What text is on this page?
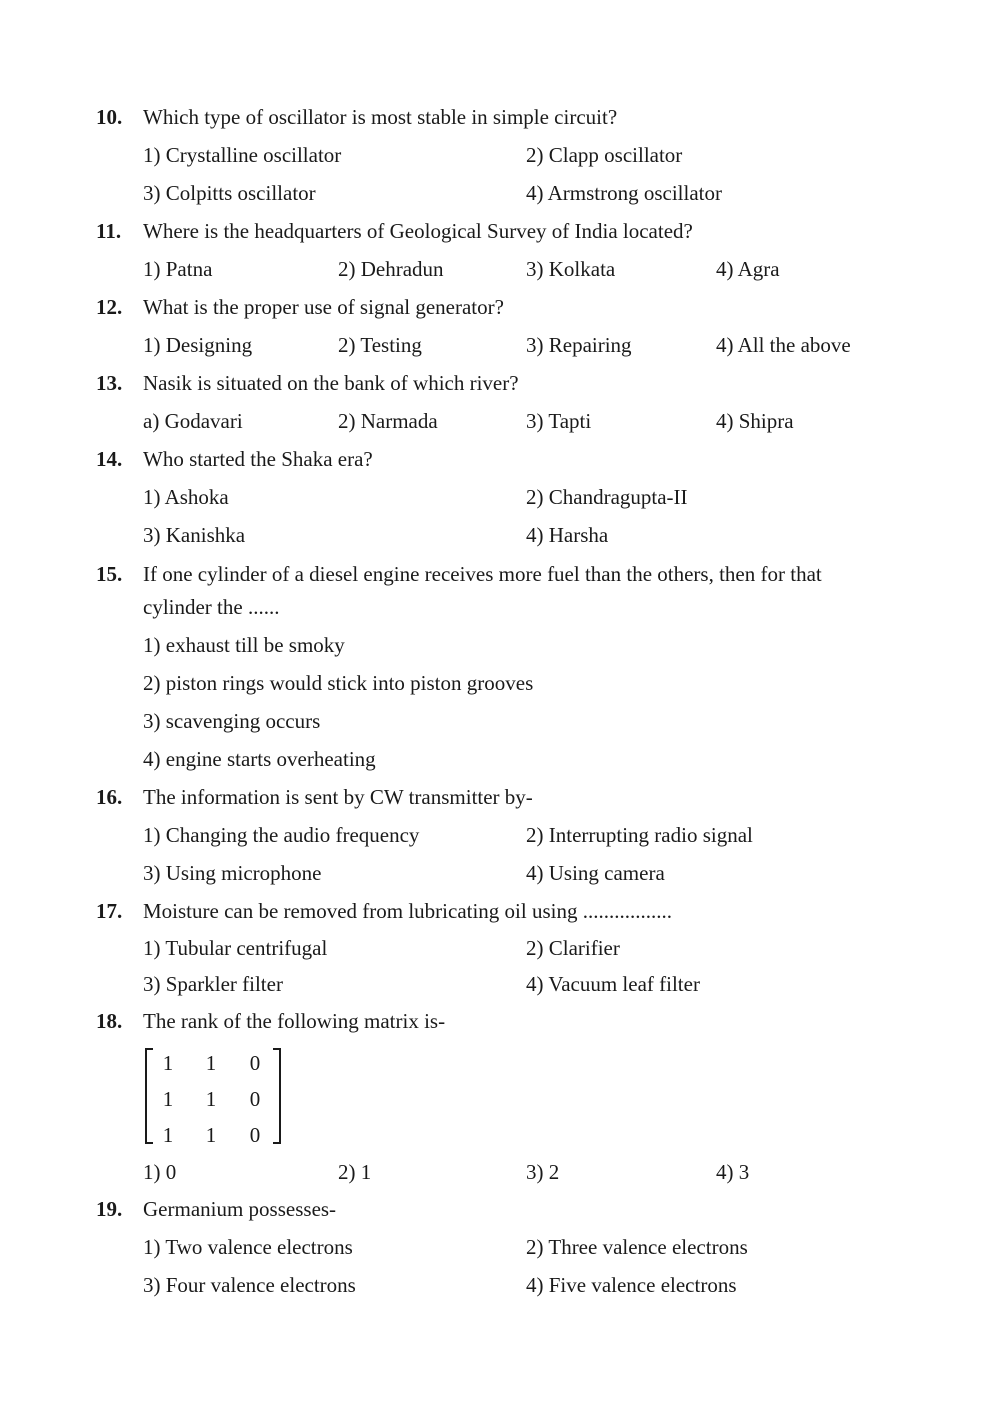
10. Which type of oscillator is most stable in simple circuit?
1) Crystalline oscillator	2) Clapp oscillator
3) Colpitts oscillator	4) Armstrong oscillator
11. Where is the headquarters of Geological Survey of India located?
1) Patna	2) Dehradun	3) Kolkata	4) Agra
12. What is the proper use of signal generator?
1) Designing	2) Testing	3) Repairing	4) All the above
13. Nasik is situated on the bank of which river?
a) Godavari	2) Narmada	3) Tapti	4) Shipra
14. Who started the Shaka era?
1) Ashoka	2) Chandragupta-II
3) Kanishka	4) Harsha
15. If one cylinder of a diesel engine receives more fuel than the others, then for that
cylinder the ......
1) exhaust till be smoky
2) piston rings would stick into piston grooves
3) scavenging occurs
4) engine starts overheating
16. The information is sent by CW transmitter by-
1) Changing the audio frequency	2) Interrupting radio signal
3) Using microphone	4) Using camera
17. Moisture can be removed from lubricating oil using .................
1) Tubular centrifugal	2) Clarifier
3) Sparkler filter	4) Vacuum leaf filter
18. The rank of the following matrix is-
1 1 0
1 1 0
1 1 0
1) 0	2) 1	3) 2	4) 3
19. Germanium possesses-
1) Two valence electrons	2) Three valence electrons
3) Four valence electrons	4) Five valence electrons
